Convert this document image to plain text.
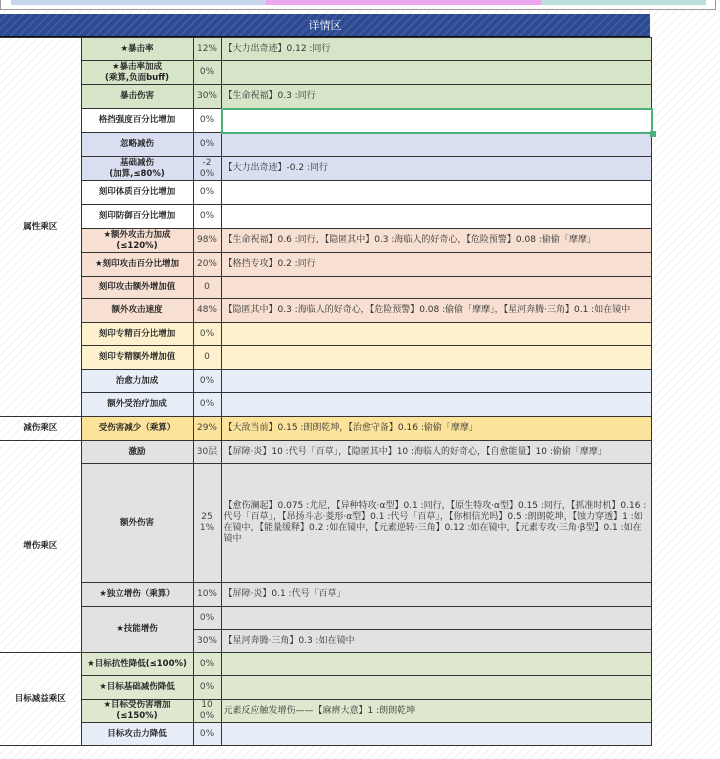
详情区
属性乘区	★暴击率	12%	【大力出奇迹】0.12 :同行
	★暴击率加成
(乘算,负面buff)	0%	
	暴击伤害	30%	【生命祝福】0.3 :同行
	格挡强度百分比增加	0%	
	忽略减伤	0%	
	基础减伤
(加算,≤80%)	-20%	【大力出奇迹】-0.2 :同行
	刻印体质百分比增加	0%	
	刻印防御百分比增加	0%	
	★额外攻击力加成(≤120%)	98%	【生命祝福】0.6 :同行，【隐匿其中】0.3 :海临人的好奇心，【危险预警】0.08 :偷偷「摩摩」
	★刻印攻击百分比增加	20%	【格挡专攻】0.2 :同行
	刻印攻击额外增加值	0	
	额外攻击速度	48%	【隐匿其中】0.3 :海临人的好奇心，【危险预警】0.08 :偷偷「摩摩」，【星河奔腾·三角】0.1 :如在镜中
	刻印专精百分比增加	0%	
	刻印专精额外增加值	0	
	治愈力加成	0%	
	额外受治疗加成	0%	
减伤乘区	受伤害减少（乘算）	29%	【大敌当前】0.15 :朗朗乾坤，【治愈守备】0.16 :偷偷「摩摩」
增伤乘区	激励	30层	【屏障·炎】10 :代号「百草」，【隐匿其中】10 :海临人的好奇心，【自愈能量】10 :偷偷「摩摩」
	额外伤害	251%	【愈伤澜起】0.075 :尤尼，【异种特攻·α型】0.1 :同行，【原生特攻·α型】0.15 :同行，【抓准时机】0.16 :代号「百草」，【昂扬斗志·菱形·α型】0.1 :代号「百草」，【你相信光吗】0.5 :朗朗乾坤，【蚀力穿透】1 :如在镜中，【能量缓释】0.2 :如在镜中，【元素逆转·三角】0.12 :如在镜中，【元素专攻·三角·β型】0.1 :如在镜中
	★独立增伤（乘算）	10%	【屏障·炎】0.1 :代号「百草」
	★技能增伤	0%	
		30%	【星河奔腾·三角】0.3 :如在镜中
目标减益乘区	★目标抗性降低(≤100%)	0%	
	★目标基础减伤降低	0%	
	★目标受伤害增加(≤150%)	100%	元素反应触发增伤——【麻痹大意】1 :朗朗乾坤
	目标攻击力降低	0%	
